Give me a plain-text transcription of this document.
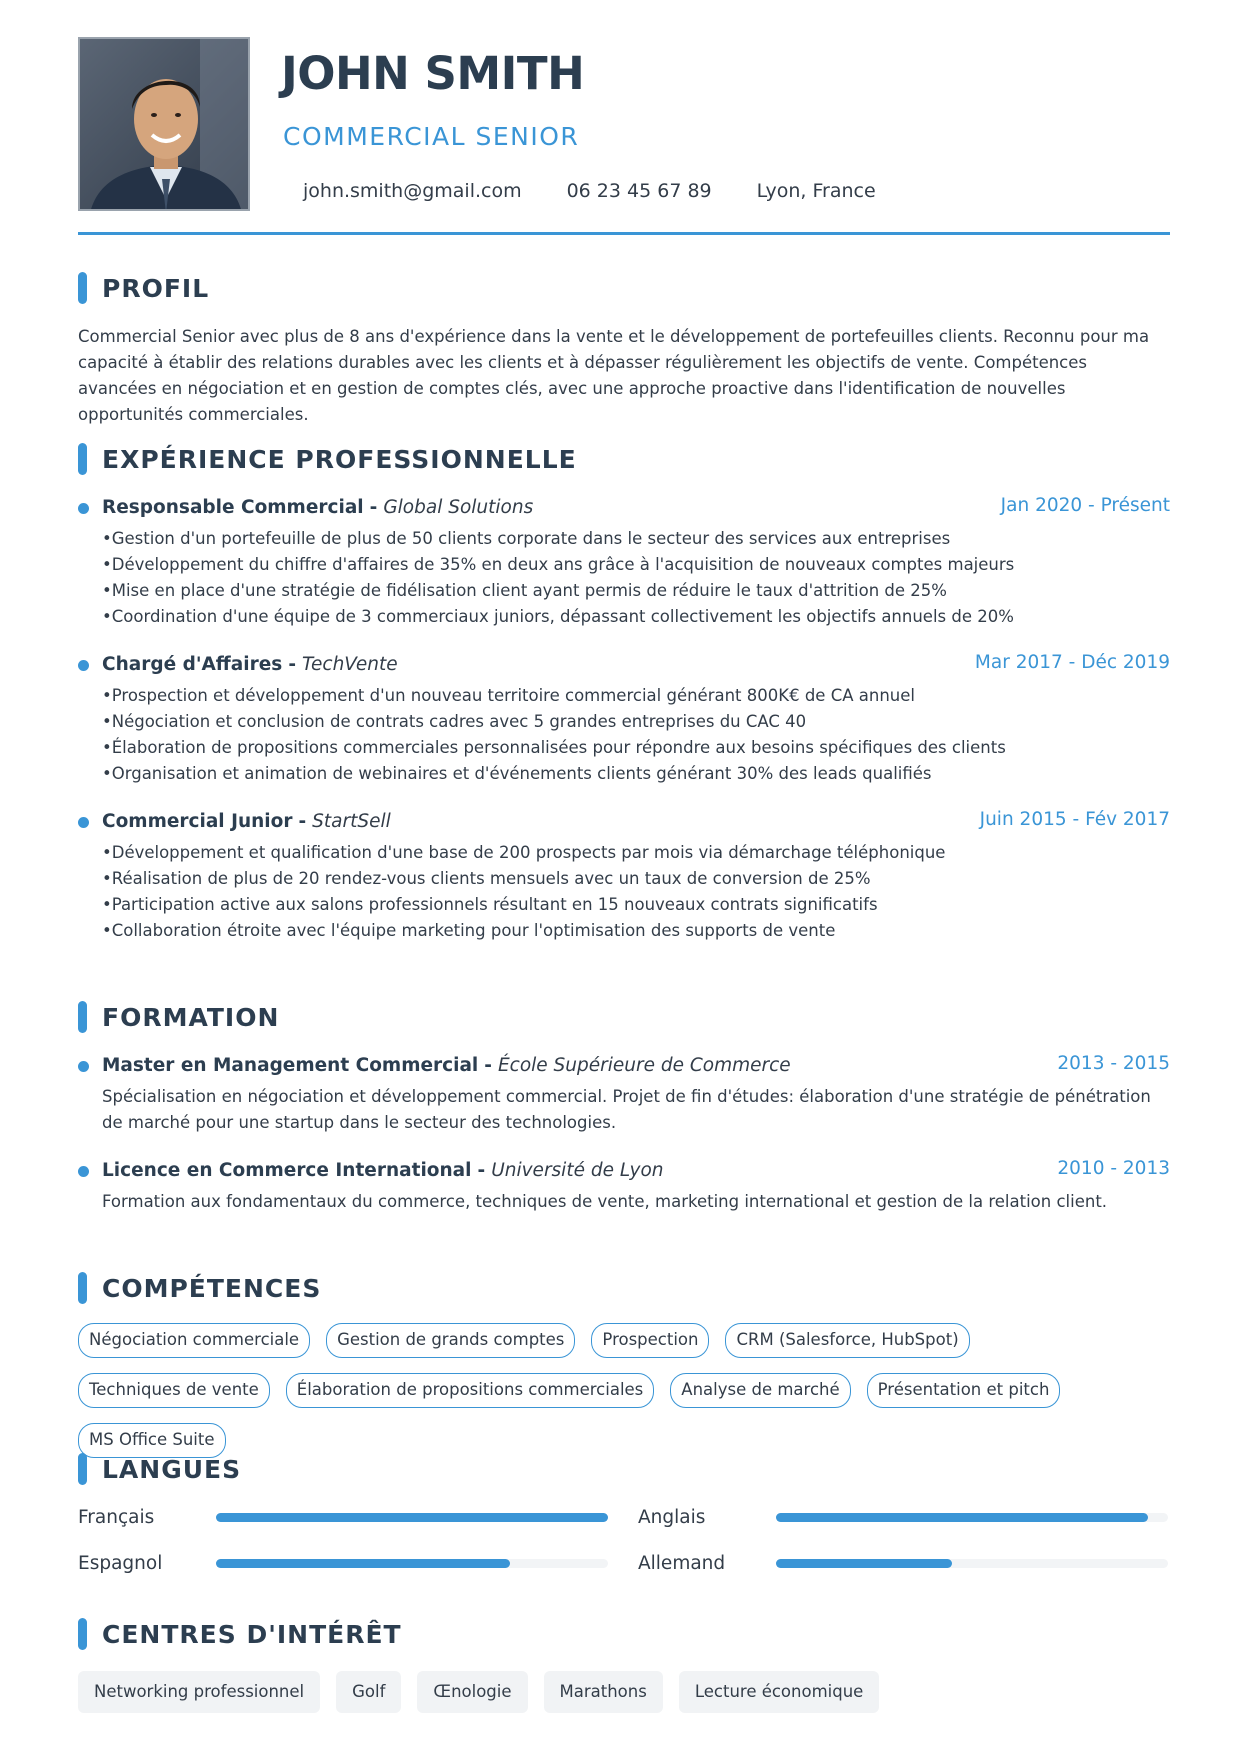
JOHN SMITH
COMMERCIAL SENIOR
john.smith@gmail.com 06 23 45 67 89 Lyon, France
PROFIL
Commercial Senior avec plus de 8 ans d'expérience dans la vente et le développement de portefeuilles clients. Reconnu pour ma capacité à établir des relations durables avec les clients et à dépasser régulièrement les objectifs de vente. Compétences avancées en négociation et en gestion de comptes clés, avec une approche proactive dans l'identification de nouvelles opportunités commerciales.
EXPÉRIENCE PROFESSIONNELLE
Responsable Commercial - Global Solutions	Jan 2020 - Présent
• Gestion d'un portefeuille de plus de 50 clients corporate dans le secteur des services aux entreprises
• Développement du chiffre d'affaires de 35% en deux ans grâce à l'acquisition de nouveaux comptes majeurs
• Mise en place d'une stratégie de fidélisation client ayant permis de réduire le taux d'attrition de 25%
• Coordination d'une équipe de 3 commerciaux juniors, dépassant collectivement les objectifs annuels de 20%
Chargé d'Affaires - TechVente	Mar 2017 - Déc 2019
• Prospection et développement d'un nouveau territoire commercial générant 800K€ de CA annuel
• Négociation et conclusion de contrats cadres avec 5 grandes entreprises du CAC 40
• Élaboration de propositions commerciales personnalisées pour répondre aux besoins spécifiques des clients
• Organisation et animation de webinaires et d'événements clients générant 30% des leads qualifiés
Commercial Junior - StartSell	Juin 2015 - Fév 2017
• Développement et qualification d'une base de 200 prospects par mois via démarchage téléphonique
• Réalisation de plus de 20 rendez-vous clients mensuels avec un taux de conversion de 25%
• Participation active aux salons professionnels résultant en 15 nouveaux contrats significatifs
• Collaboration étroite avec l'équipe marketing pour l'optimisation des supports de vente
FORMATION
Master en Management Commercial - École Supérieure de Commerce	2013 - 2015
Spécialisation en négociation et développement commercial. Projet de fin d'études: élaboration d'une stratégie de pénétration de marché pour une startup dans le secteur des technologies.
Licence en Commerce International - Université de Lyon	2010 - 2013
Formation aux fondamentaux du commerce, techniques de vente, marketing international et gestion de la relation client.
COMPÉTENCES
Négociation commerciale	Gestion de grands comptes	Prospection	CRM (Salesforce, HubSpot)
Techniques de vente	Élaboration de propositions commerciales	Analyse de marché	Présentation et pitch
MS Office Suite
LANGUES
Français	Anglais
Espagnol	Allemand
CENTRES D'INTÉRÊT
Networking professionnel	Golf	Œnologie	Marathons	Lecture économique
